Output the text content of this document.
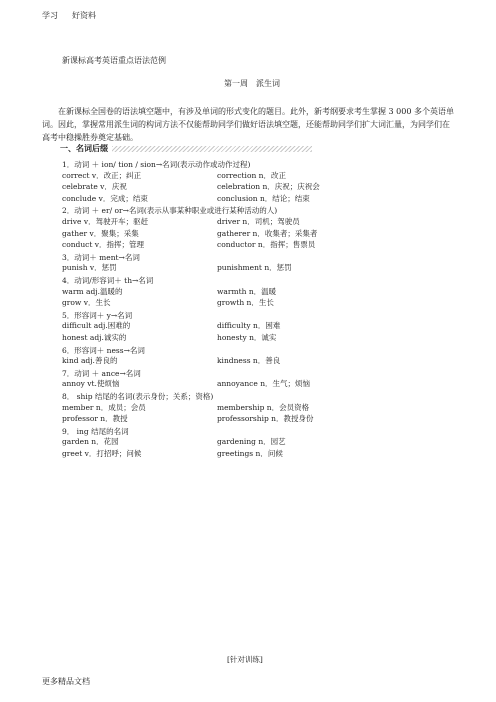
学习 好资料
新课标高考英语重点语法范例
第一周 派生词

在新课标全国卷的语法填空题中，有涉及单词的形式变化的题目。此外，新考纲要求考生掌握 3 000 多个英语单词。因此，掌握常用派生词的构词方法不仅能帮助同学们做好语法填空题，还能帮助同学们扩大词汇量，为同学们在高考中稳操胜券奠定基础。

一、名词后缀
1．动词 ＋ ion/ tion / sion→名词(表示动作或动作过程)
correct v．改正；纠正	correction n．改正
celebrate v．庆祝	celebration n．庆祝；庆祝会
conclude v．完成；结束	conclusion n．结论；结束
2．动词 ＋ er/ or→名词(表示从事某种职业或进行某种活动的人)
drive v．驾驶开车；驱赶	driver n．司机；驾驶员
gather v．聚集；采集	gatherer n．收集者；采集者
conduct v．指挥；管理	conductor n．指挥；售票员
3．动词＋ ment→名词
punish v．惩罚	punishment n．惩罚
4．动词/形容词＋ th→名词
warm adj.温暖的	warmth n．温暖
grow v．生长	growth n．生长
5．形容词＋ y→名词
difficult adj.困难的	difficulty n．困难
honest adj.诚实的	honesty n．诚实
6．形容词＋ ness→名词
kind adj.善良的	kindness n．善良
7．动词 ＋ ance→名词
annoy vt.使烦恼	annoyance n．生气；烦恼
8． ship 结尾的名词(表示身份；关系；资格)
member n．成员；会员	membership n．会员资格
professor n．教授	professorship n．教授身份
9． ing 结尾的名词
garden n．花园	gardening n．园艺
greet v．打招呼；问候	greetings n．问候
[针对训练]
更多精品文档
